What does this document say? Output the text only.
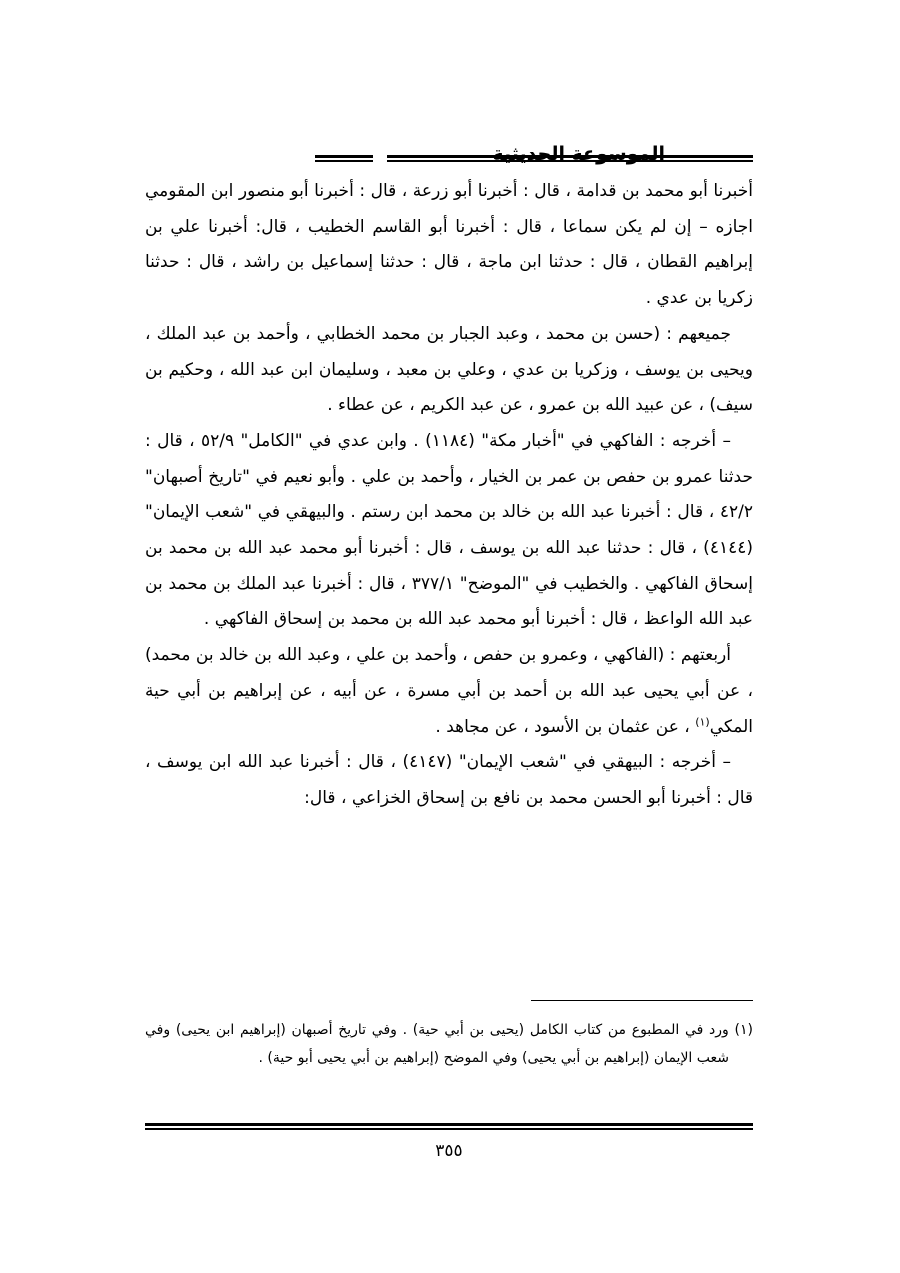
الموسوعة الحديثية

أخبرنا أبو محمد بن قدامة ، قال : أخبرنا أبو زرعة ، قال : أخبرنا أبو منصور ابن المقومي اجازه – إن لم يكن سماعا ، قال : أخبرنا أبو القاسم الخطيب ، قال: أخبرنا علي بن إبراهيم القطان ، قال : حدثنا ابن ماجة ، قال : حدثنا إسماعيل بن راشد ، قال : حدثنا زكريا بن عدي .

جميعهم : (حسن بن محمد ، وعبد الجبار بن محمد الخطابي ، وأحمد بن عبد الملك ، ويحيى بن يوسف ، وزكريا بن عدي ، وعلي بن معبد ، وسليمان ابن عبد الله ، وحكيم بن سيف) ، عن عبيد الله بن عمرو ، عن عبد الكريم ، عن عطاء .

– أخرجه : الفاكهي في "أخبار مكة" (١١٨٤) . وابن عدي في "الكامل" ٥٢/٩ ، قال : حدثنا عمرو بن حفص بن عمر بن الخيار ، وأحمد بن علي . وأبو نعيم في "تاريخ أصبهان" ٤٢/٢ ، قال : أخبرنا عبد الله بن خالد بن محمد ابن رستم . والبيهقي في "شعب الإيمان" (٤١٤٤) ، قال : حدثنا عبد الله بن يوسف ، قال : أخبرنا أبو محمد عبد الله بن محمد بن إسحاق الفاكهي . والخطيب في "الموضح" ٣٧٧/١ ، قال : أخبرنا عبد الملك بن محمد بن عبد الله الواعظ ، قال : أخبرنا أبو محمد عبد الله بن محمد بن إسحاق الفاكهي .

أربعتهم : (الفاكهي ، وعمرو بن حفص ، وأحمد بن علي ، وعبد الله بن خالد بن محمد) ، عن أبي يحيى عبد الله بن أحمد بن أبي مسرة ، عن أبيه ، عن إبراهيم بن أبي حية المكي$^{(١)}$ ، عن عثمان بن الأسود ، عن مجاهد .

– أخرجه : البيهقي في "شعب الإيمان" (٤١٤٧) ، قال : أخبرنا عبد الله ابن يوسف ، قال : أخبرنا أبو الحسن محمد بن نافع بن إسحاق الخزاعي ، قال:

(١) ورد في المطبوع من كتاب الكامل (يحيى بن أبي حية) . وفي تاريخ أصبهان (إبراهيم ابن يحيى) وفي شعب الإيمان (إبراهيم بن أبي يحيى) وفي الموضح (إبراهيم بن أبي يحيى أبو حية) .

٣٥٥
